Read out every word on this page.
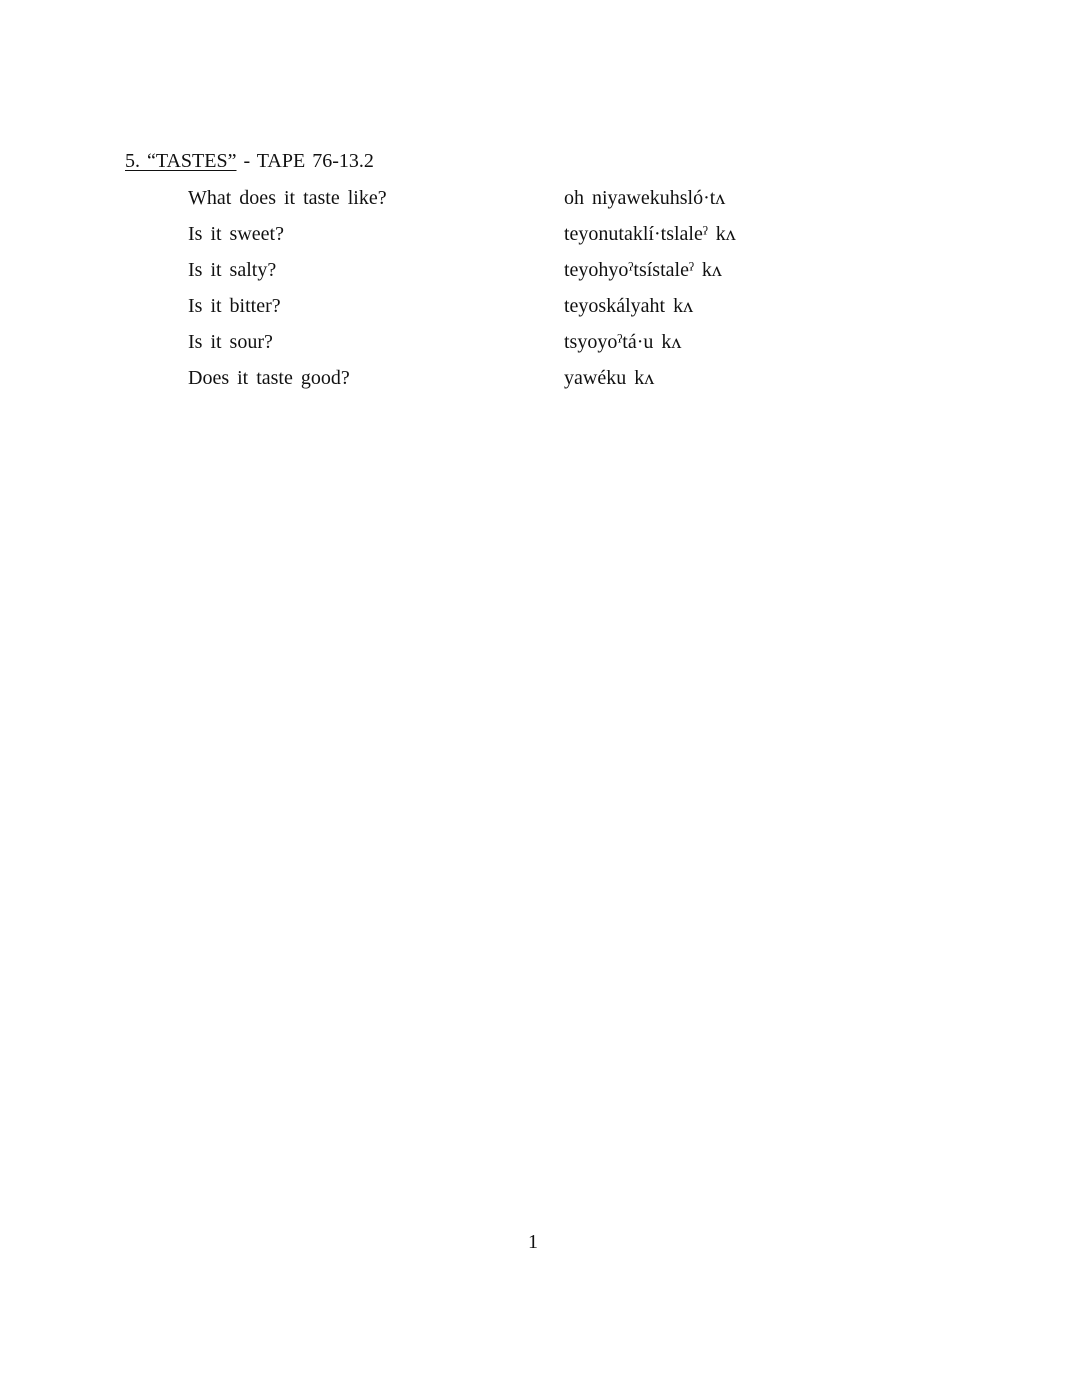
5. “TASTES” - TAPE 76-13.2
What does it taste like?	oh niyawekuhsló·tʌ
Is it sweet?	teyonutaklí·tslaleˀ kʌ
Is it salty?	teyohyoˀtsístaleˀ kʌ
Is it bitter?	teyoskályaht kʌ
Is it sour?	tsyoyoˀtá·u kʌ
Does it taste good?	yawéku kʌ
1
